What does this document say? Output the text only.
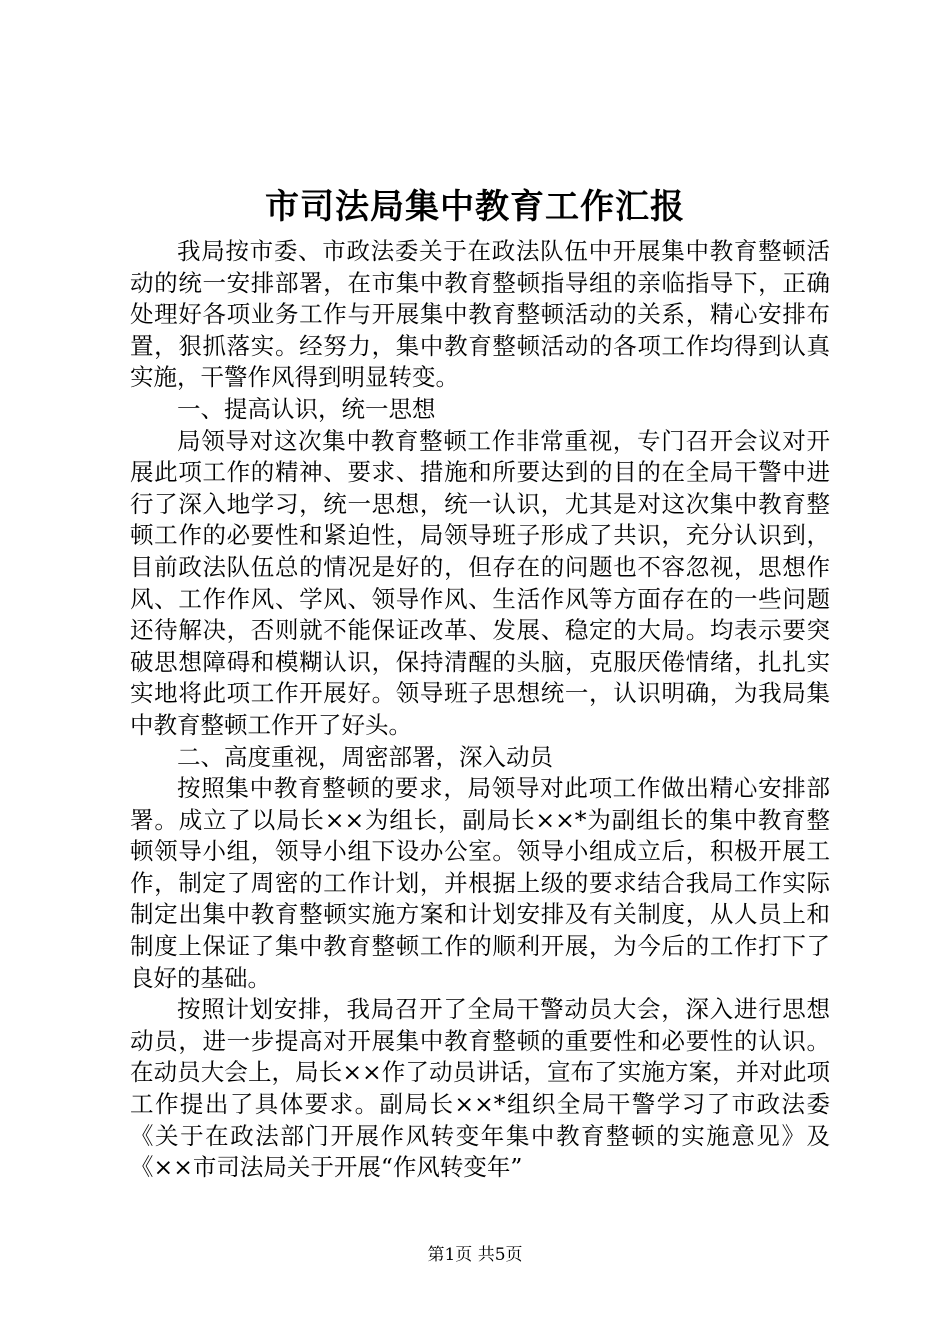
市司法局集中教育工作汇报

我局按市委、市政法委关于在政法队伍中开展集中教育整顿活动的统一安排部署，在市集中教育整顿指导组的亲临指导下，正确处理好各项业务工作与开展集中教育整顿活动的关系，精心安排布置，狠抓落实。经努力，集中教育整顿活动的各项工作均得到认真实施，干警作风得到明显转变。

一、提高认识，统一思想

局领导对这次集中教育整顿工作非常重视，专门召开会议对开展此项工作的精神、要求、措施和所要达到的目的在全局干警中进行了深入地学习，统一思想，统一认识，尤其是对这次集中教育整顿工作的必要性和紧迫性，局领导班子形成了共识，充分认识到，目前政法队伍总的情况是好的，但存在的问题也不容忽视，思想作风、工作作风、学风、领导作风、生活作风等方面存在的一些问题还待解决，否则就不能保证改革、发展、稳定的大局。均表示要突破思想障碍和模糊认识，保持清醒的头脑，克服厌倦情绪，扎扎实实地将此项工作开展好。领导班子思想统一，认识明确，为我局集中教育整顿工作开了好头。

二、高度重视，周密部署，深入动员

按照集中教育整顿的要求，局领导对此项工作做出精心安排部署。成立了以局长××为组长，副局长××*为副组长的集中教育整顿领导小组，领导小组下设办公室。领导小组成立后，积极开展工作，制定了周密的工作计划，并根据上级的要求结合我局工作实际制定出集中教育整顿实施方案和计划安排及有关制度，从人员上和制度上保证了集中教育整顿工作的顺利开展，为今后的工作打下了良好的基础。

按照计划安排，我局召开了全局干警动员大会，深入进行思想动员，进一步提高对开展集中教育整顿的重要性和必要性的认识。在动员大会上，局长××作了动员讲话，宣布了实施方案，并对此项工作提出了具体要求。副局长××*组织全局干警学习了市政法委《关于在政法部门开展作风转变年集中教育整顿的实施意见》及《××市司法局关于开展“作风转变年”

第1页 共5页
